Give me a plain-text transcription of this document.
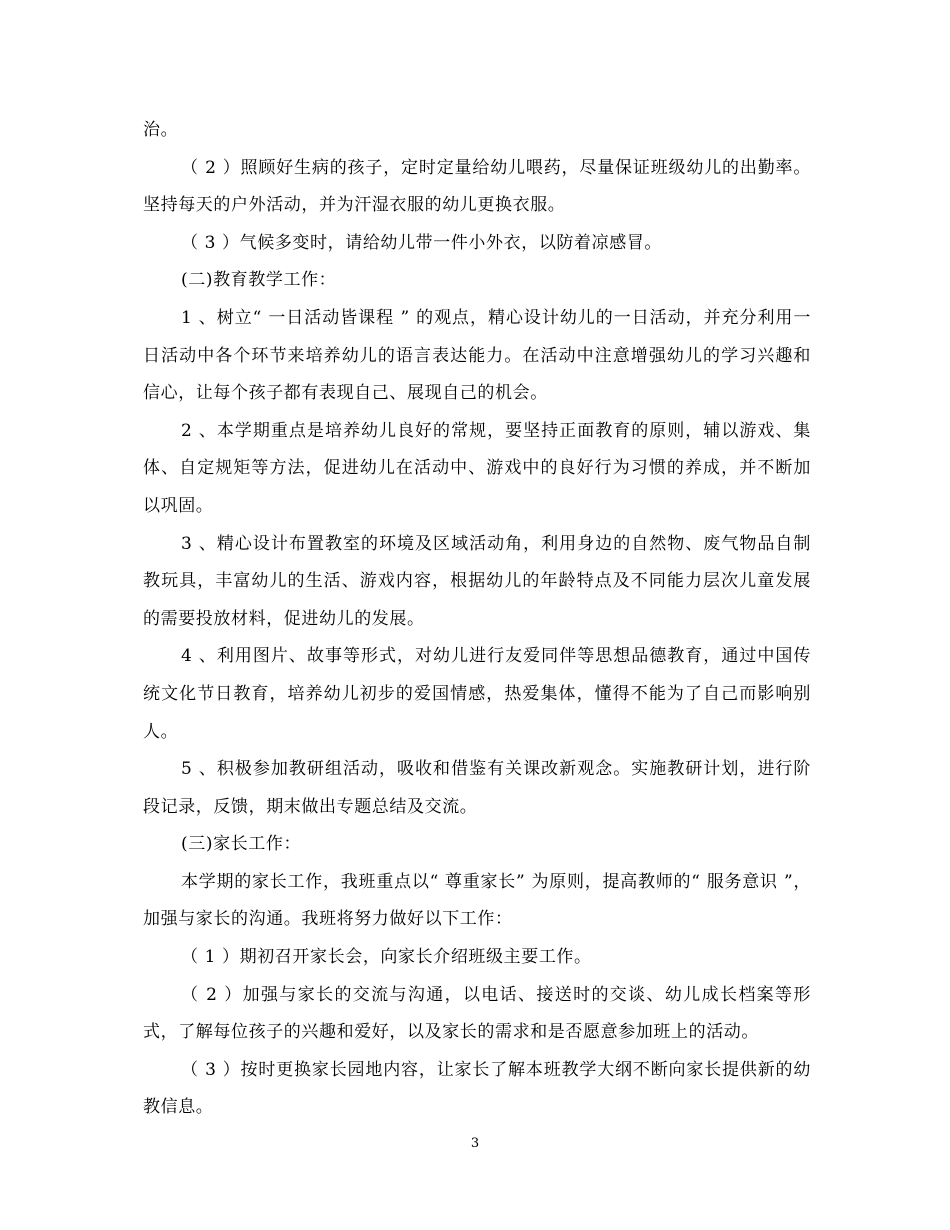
治。

（ 2 ）照顾好生病的孩子，定时定量给幼儿喂药，尽量保证班级幼儿的出勤率。坚持每天的户外活动，并为汗湿衣服的幼儿更换衣服。

（ 3 ）气候多变时，请给幼儿带一件小外衣，以防着凉感冒。

(二)教育教学工作：

1 、树立“ 一日活动皆课程 ” 的观点，精心设计幼儿的一日活动，并充分利用一日活动中各个环节来培养幼儿的语言表达能力。在活动中注意增强幼儿的学习兴趣和信心，让每个孩子都有表现自己、展现自己的机会。

2 、本学期重点是培养幼儿良好的常规，要坚持正面教育的原则，辅以游戏、集体、自定规矩等方法，促进幼儿在活动中、游戏中的良好行为习惯的养成，并不断加以巩固。

3 、精心设计布置教室的环境及区域活动角，利用身边的自然物、废气物品自制教玩具，丰富幼儿的生活、游戏内容，根据幼儿的年龄特点及不同能力层次儿童发展的需要投放材料，促进幼儿的发展。

4 、利用图片、故事等形式，对幼儿进行友爱同伴等思想品德教育，通过中国传统文化节日教育，培养幼儿初步的爱国情感，热爱集体，懂得不能为了自己而影响别人。

5 、积极参加教研组活动，吸收和借鉴有关课改新观念。实施教研计划，进行阶段记录，反馈，期末做出专题总结及交流。

(三)家长工作：

本学期的家长工作，我班重点以“ 尊重家长” 为原则，提高教师的“ 服务意识 ”，加强与家长的沟通。我班将努力做好以下工作：

（ 1 ）期初召开家长会，向家长介绍班级主要工作。

（ 2 ）加强与家长的交流与沟通，以电话、接送时的交谈、幼儿成长档案等形式，了解每位孩子的兴趣和爱好，以及家长的需求和是否愿意参加班上的活动。

（ 3 ）按时更换家长园地内容，让家长了解本班教学大纲不断向家长提供新的幼教信息。

3
